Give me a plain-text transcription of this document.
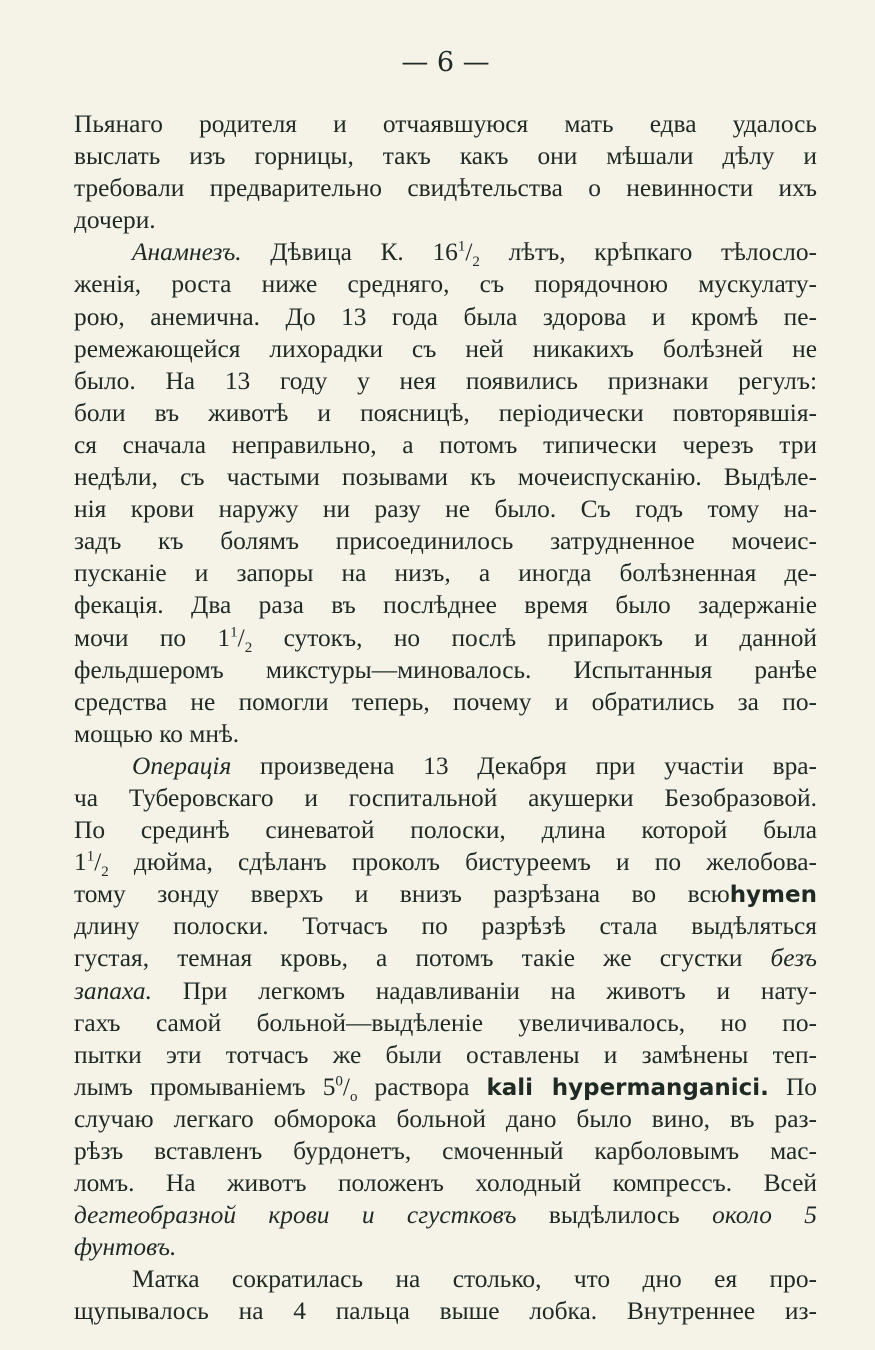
— 6 —
Пьянаго родителя и отчаявшуюся мать едва удалось
выслать изъ горницы, такъ какъ они мѣшали дѣлу и
требовали предварительно свидѣтельства о невинности ихъ
дочери.
Анамнезъ. Дѣвица К. $16^1/_2$ лѣтъ, крѣпкаго тѣлосло-
женія, роста ниже средняго, съ порядочною мускулату-
рою, анемична. До 13 года была здорова и кромѣ пе-
ремежающейся лихорадки съ ней никакихъ болѣзней не
было. На 13 году у нея появились признаки регулъ:
боли въ животѣ и поясницѣ, періодически повторявшія-
ся сначала неправильно, а потомъ типически черезъ три
недѣли, съ частыми позывами къ мочеиспусканію. Выдѣле-
нія крови наружу ни разу не было. Съ годъ тому на-
задъ къ болямъ присоединилось затрудненное мочеис-
пусканіе и запоры на низъ, а иногда болѣзненная де-
фекація. Два раза въ послѣднее время было задержаніе
мочи по $1^1/_2$ сутокъ, но послѣ припарокъ и данной
фельдшеромъ микстуры—миновалось. Испытанныя ранѣе
средства не помогли теперь, почему и обратились за по-
мощью ко мнѣ.
Операція произведена 13 Декабря при участіи вра-
ча Туберовскаго и госпитальной акушерки Безобразовой.
По срединѣ синеватой полоски, длина которой была
$1^1/_2$ дюйма, сдѣланъ проколъ бистуреемъ и по желобова-
тому зонду вверхъ и внизъ разрѣзана во всюhymen
длину полоски. Тотчасъ по разрѣзѣ стала выдѣляться
густая, темная кровь, а потомъ такіе же сгустки безъ
запаха. При легкомъ надавливаніи на животъ и нату-
гахъ самой больной—выдѣленіе увеличивалось, но по-
пытки эти тотчасъ же были оставлены и замѣнены теп-
лымъ промываніемъ $5^0/_o$ раствора kali hypermanganici. По
случаю легкаго обморока больной дано было вино, въ раз-
рѣзъ вставленъ бурдонетъ, смоченный карболовымъ мас-
ломъ. На животъ положенъ холодный компрессъ. Всей
дегтеобразной крови и сгустковъ выдѣлилось около 5
фунтовъ.
Матка сократилась на столько, что дно ея про-
щупывалось на 4 пальца выше лобка. Внутреннее из-
